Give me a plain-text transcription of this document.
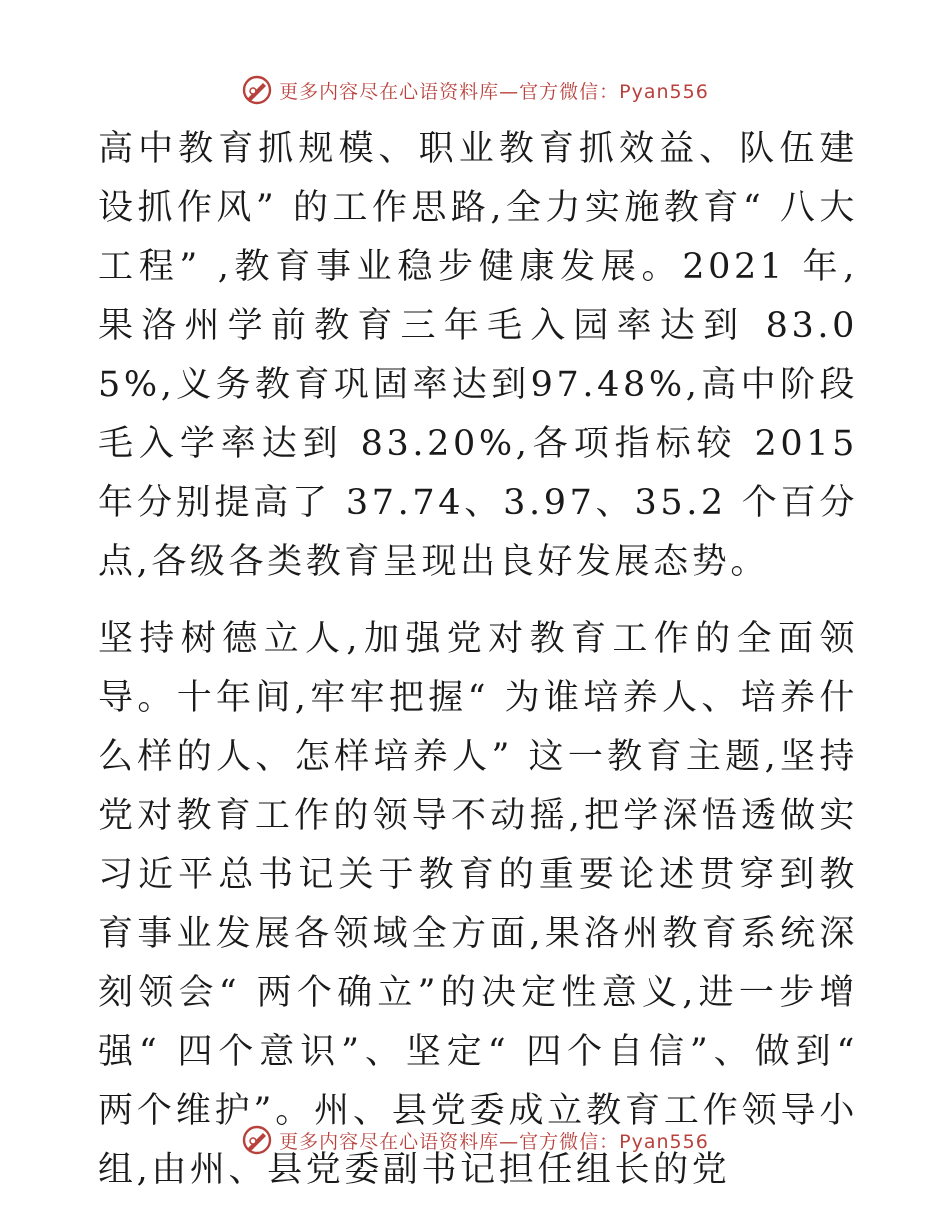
更多内容尽在心语资料库—官方微信：Pyan556

高中教育抓规模、职业教育抓效益、队伍建设抓作风” 的工作思路,全力实施教育“ 八大工程” ,教育事业稳步健康发展。2021 年,果洛州学前教育三年毛入园率达到 83.05%,义务教育巩固率达到97.48%,高中阶段毛入学率达到 83.20%,各项指标较 2015 年分别提高了 37.74、3.97、35.2 个百分点,各级各类教育呈现出良好发展态势。

坚持树德立人,加强党对教育工作的全面领导。十年间,牢牢把握“ 为谁培养人、培养什么样的人、怎样培养人” 这一教育主题,坚持党对教育工作的领导不动摇,把学深悟透做实习近平总书记关于教育的重要论述贯穿到教育事业发展各领域全方面,果洛州教育系统深刻领会“ 两个确立”的决定性意义,进一步增强“ 四个意识”、坚定“ 四个自信”、做到“ 两个维护”。州、县党委成立教育工作领导小组,由州、县党委副书记担任组长的党

更多内容尽在心语资料库—官方微信：Pyan556
